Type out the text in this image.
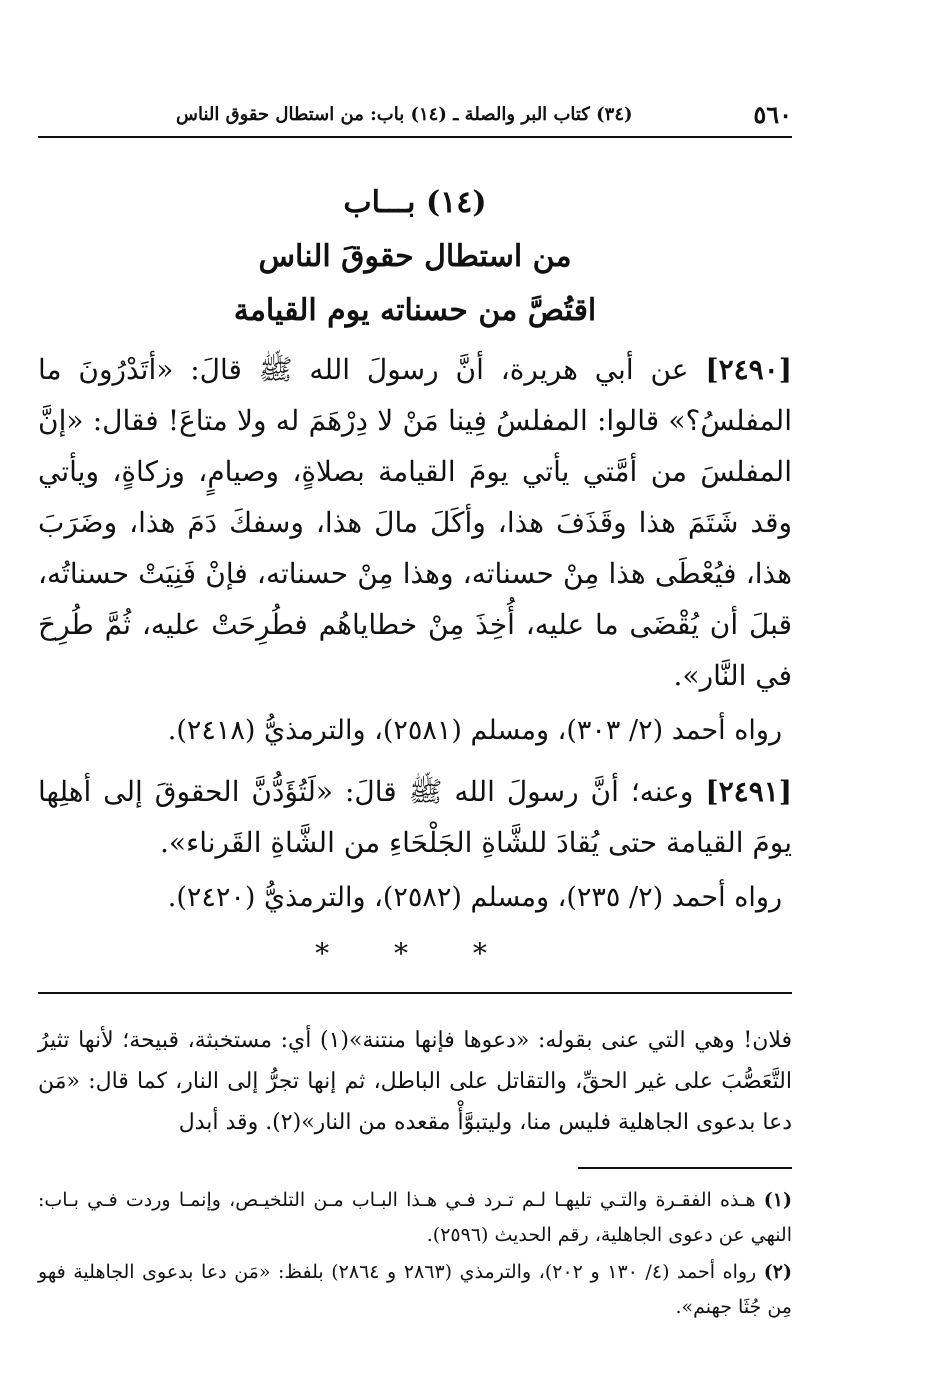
٥٦٠
(٣٤) كتاب البر والصلة ـ (١٤) باب: من استطال حقوق الناس
(١٤) بـــاب
من استطال حقوقَ الناس
اقتُصَّ من حسناته يوم القيامة

[٢٤٩٠] عن أبي هريرة، أنَّ رسولَ الله ﷺ قالَ: «أتَدْرُونَ ما المفلسُ؟» قالوا: المفلسُ فِينا مَنْ لا دِرْهَمَ له ولا متاعَ! فقال: «إنَّ المفلسَ من أمَّتي يأتي يومَ القيامة بصلاةٍ، وصيامٍ، وزكاةٍ، ويأتي وقد شَتَمَ هذا وقَذَفَ هذا، وأكَلَ مالَ هذا، وسفكَ دَمَ هذا، وضَرَبَ هذا، فيُعْطَى هذا مِنْ حسناته، وهذا مِنْ حسناته، فإنْ فَنِيَتْ حسناتُه، قبلَ أن يُقْضَى ما عليه، أُخِذَ مِنْ خطاياهُم فطُرِحَتْ عليه، ثُمَّ طُرِحَ في النَّار».

رواه أحمد (٢/ ٣٠٣)، ومسلم (٢٥٨١)، والترمذيُّ (٢٤١٨).

[٢٤٩١] وعنه؛ أنَّ رسولَ الله ﷺ قالَ: «لَتُؤَدُّنَّ الحقوقَ إلى أهلِها يومَ القيامة حتى يُقادَ للشَّاةِ الجَلْحَاءِ من الشَّاةِ القَرناء».

رواه أحمد (٢/ ٢٣٥)، ومسلم (٢٥٨٢)، والترمذيُّ (٢٤٢٠).

* * *

فلان! وهي التي عنى بقوله: «دعوها فإنها منتنة»(١) أي: مستخبثة، قبيحة؛ لأنها تثيرُ التَّعَصُّبَ على غير الحقِّ، والتقاتل على الباطل، ثم إنها تجرُّ إلى النار، كما قال: «مَن دعا بدعوى الجاهلية فليس منا، وليتبوَّأْ مقعده من النار»(٢). وقد أبدل

(١) هـذه الفقـرة والتـي تليهـا لـم تـرد فـي هـذا البـاب مـن التلخيـص، وإنمـا وردت فـي بـاب: النهي عن دعوى الجاهلية، رقم الحديث (٢٥٩٦).

(٢) رواه أحمد (٤/ ١٣٠ و ٢٠٢)، والترمذي (٢٨٦٣ و ٢٨٦٤) بلفظ: «مَن دعا بدعوى الجاهلية فهو مِن جُثَا جهنم».
